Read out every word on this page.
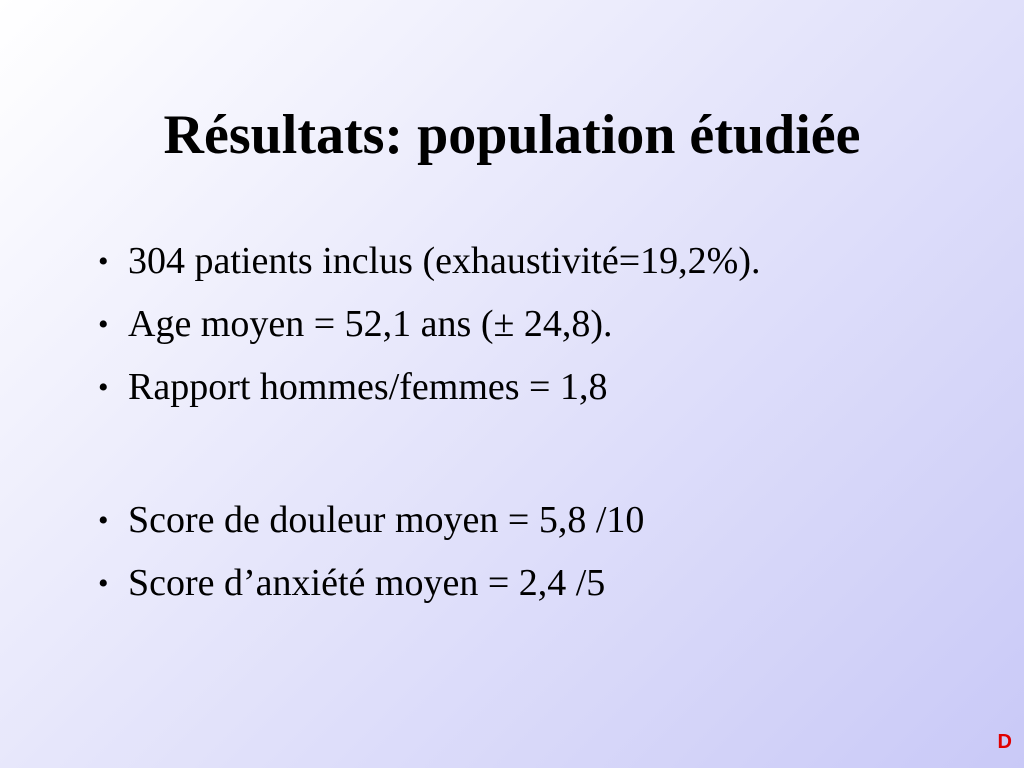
Résultats: population étudiée
• 304 patients inclus (exhaustivité=19,2%).
• Age moyen = 52,1 ans (± 24,8).
• Rapport hommes/femmes = 1,8
• Score de douleur moyen = 5,8 /10
• Score d’anxiété moyen = 2,4 /5
D
